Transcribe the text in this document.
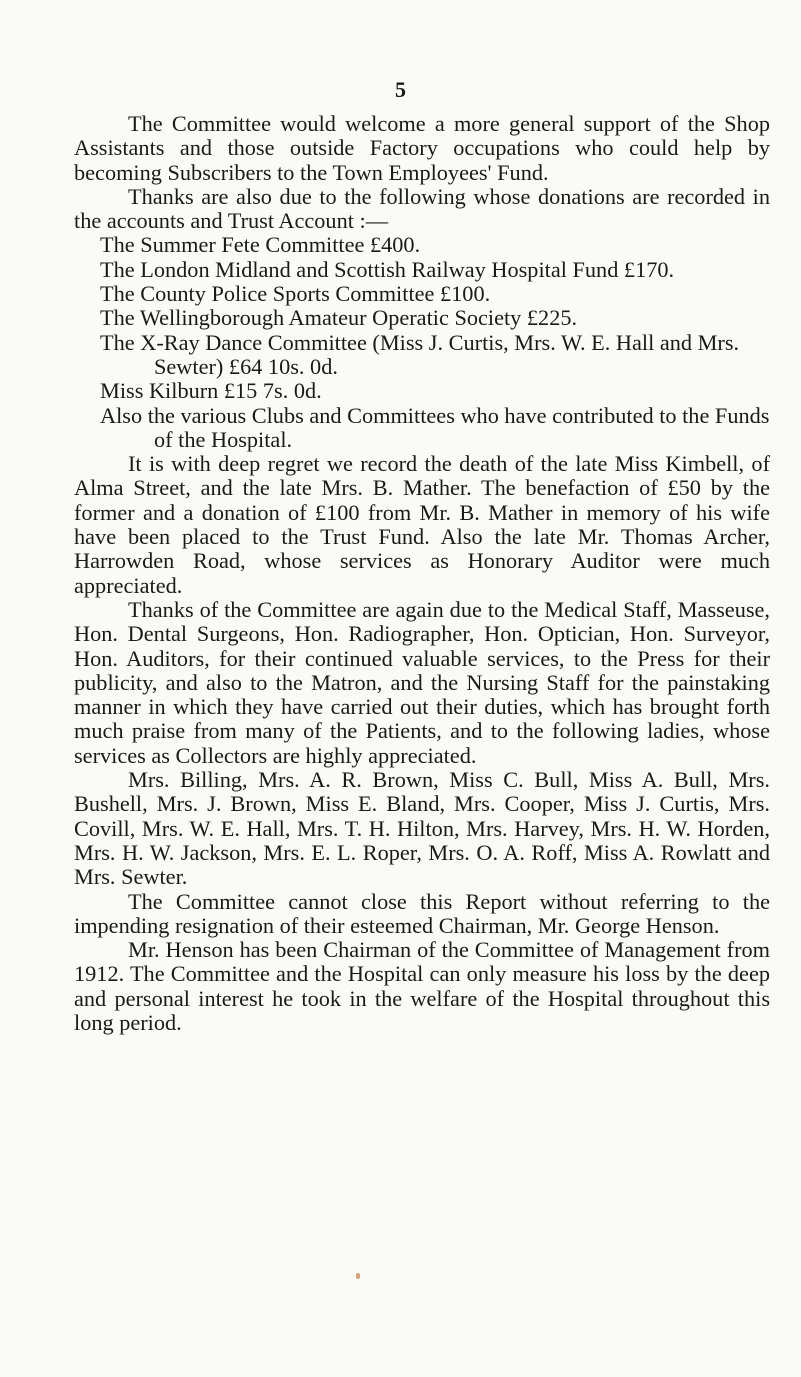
5

The Committee would welcome a more general support of the Shop Assistants and those outside Factory occupations who could help by becoming Subscribers to the Town Employees' Fund.

Thanks are also due to the following whose donations are recorded in the accounts and Trust Account :—

The Summer Fete Committee £400.

The London Midland and Scottish Railway Hospital Fund £170.

The County Police Sports Committee £100.

The Wellingborough Amateur Operatic Society £225.

The X-Ray Dance Committee (Miss J. Curtis, Mrs. W. E. Hall and Mrs. Sewter) £64 10s. 0d.

Miss Kilburn £15 7s. 0d.

Also the various Clubs and Committees who have contributed to the Funds of the Hospital.

It is with deep regret we record the death of the late Miss Kimbell, of Alma Street, and the late Mrs. B. Mather. The benefaction of £50 by the former and a donation of £100 from Mr. B. Mather in memory of his wife have been placed to the Trust Fund. Also the late Mr. Thomas Archer, Harrowden Road, whose services as Honorary Auditor were much appreciated.

Thanks of the Committee are again due to the Medical Staff, Masseuse, Hon. Dental Surgeons, Hon. Radiographer, Hon. Optician, Hon. Surveyor, Hon. Auditors, for their continued valuable services, to the Press for their publicity, and also to the Matron, and the Nursing Staff for the painstaking manner in which they have carried out their duties, which has brought forth much praise from many of the Patients, and to the following ladies, whose services as Collectors are highly appreciated.

Mrs. Billing, Mrs. A. R. Brown, Miss C. Bull, Miss A. Bull, Mrs. Bushell, Mrs. J. Brown, Miss E. Bland, Mrs. Cooper, Miss J. Curtis, Mrs. Covill, Mrs. W. E. Hall, Mrs. T. H. Hilton, Mrs. Harvey, Mrs. H. W. Horden, Mrs. H. W. Jackson, Mrs. E. L. Roper, Mrs. O. A. Roff, Miss A. Rowlatt and Mrs. Sewter.

The Committee cannot close this Report without referring to the impending resignation of their esteemed Chairman, Mr. George Henson.

Mr. Henson has been Chairman of the Committee of Management from 1912. The Committee and the Hospital can only measure his loss by the deep and personal interest he took in the welfare of the Hospital throughout this long period.
